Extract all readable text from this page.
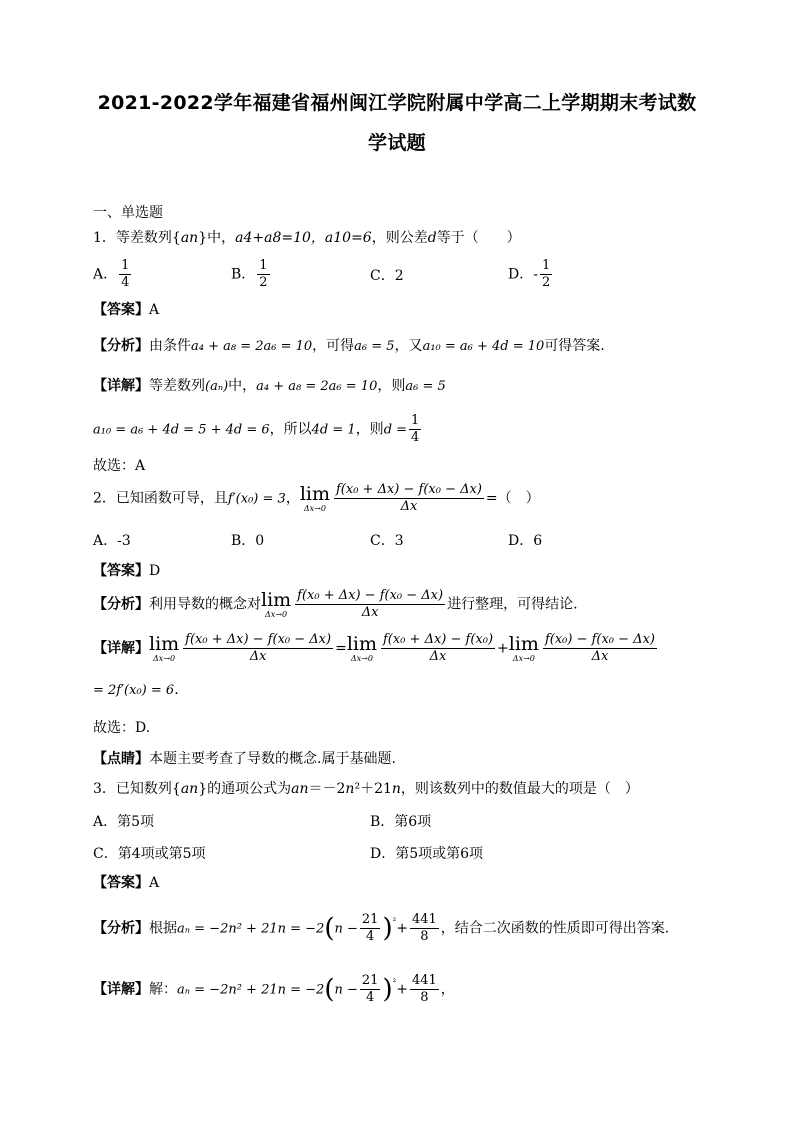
2021-2022学年福建省福州闽江学院附属中学高二上学期期末考试数
学试题
一、单选题
1．等差数列{an}中，a4+a8=10，a10=6，则公差d等于（　　）
A． $\frac{1}{4}$	B． $\frac{1}{2}$	C．2	D．- $\frac{1}{2}$
【答案】A
【分析】由条件a₄ + a₈ = 2a₆ = 10，可得a₆ = 5，又a₁₀ = a₆ + 4d = 10可得答案.
【详解】等差数列(aₙ)中，a₄ + a₈ = 2a₆ = 10，则a₆ = 5
a₁₀ = a₆ + 4d = 5 + 4d = 6，所以4d = 1，则$d = \frac{1}{4}$
故选：A
2．已知函数可导，且f′(x₀) = 3， lim
$\Delta x\to 0 \frac{\text{f(x₀ + Δx) − f(x₀ − Δx)}}{\Delta x}$ =（　）
A．-3	B．0	C．3	D．6
【答案】D
【分析】利用导数的概念对 lim
$\Delta x\to 0 \frac{\text{f(x₀ + Δx) − f(x₀ − Δx)}}{\Delta x}$ 进行整理，可得结论.
【详解】 lim
$\Delta x\to 0 \frac{\text{f(x₀ + Δx) − f(x₀ − Δx)}}{\Delta x} = \lim$
$\Delta x\to 0 \frac{\text{f(x₀ + Δx) − f(x₀)}}{\Delta x} + \lim$
$\Delta x\to 0 \frac{\text{f(x₀) − f(x₀ − Δx)}}{\Delta x}$
= 2f′(x₀) = 6.
故选：D.
【点睛】本题主要考查了导数的概念.属于基础题.
3．已知数列{an}的通项公式为an＝－2n²＋21n，则该数列中的数值最大的项是（　）
A．第5项	B．第6项
C．第4项或第5项	D．第5项或第6项
【答案】A
【分析】根据$a_n = -2n^2 + 21n = -2(n - \frac{21}{4} )^{^2}+ \frac{441}{8}$ ，结合二次函数的性质即可得出答案.
【详解】解：$a_n = -2n^2 + 21n = -2(n - \frac{21}{4} )^{^2}+ \frac{441}{8}$ ，
